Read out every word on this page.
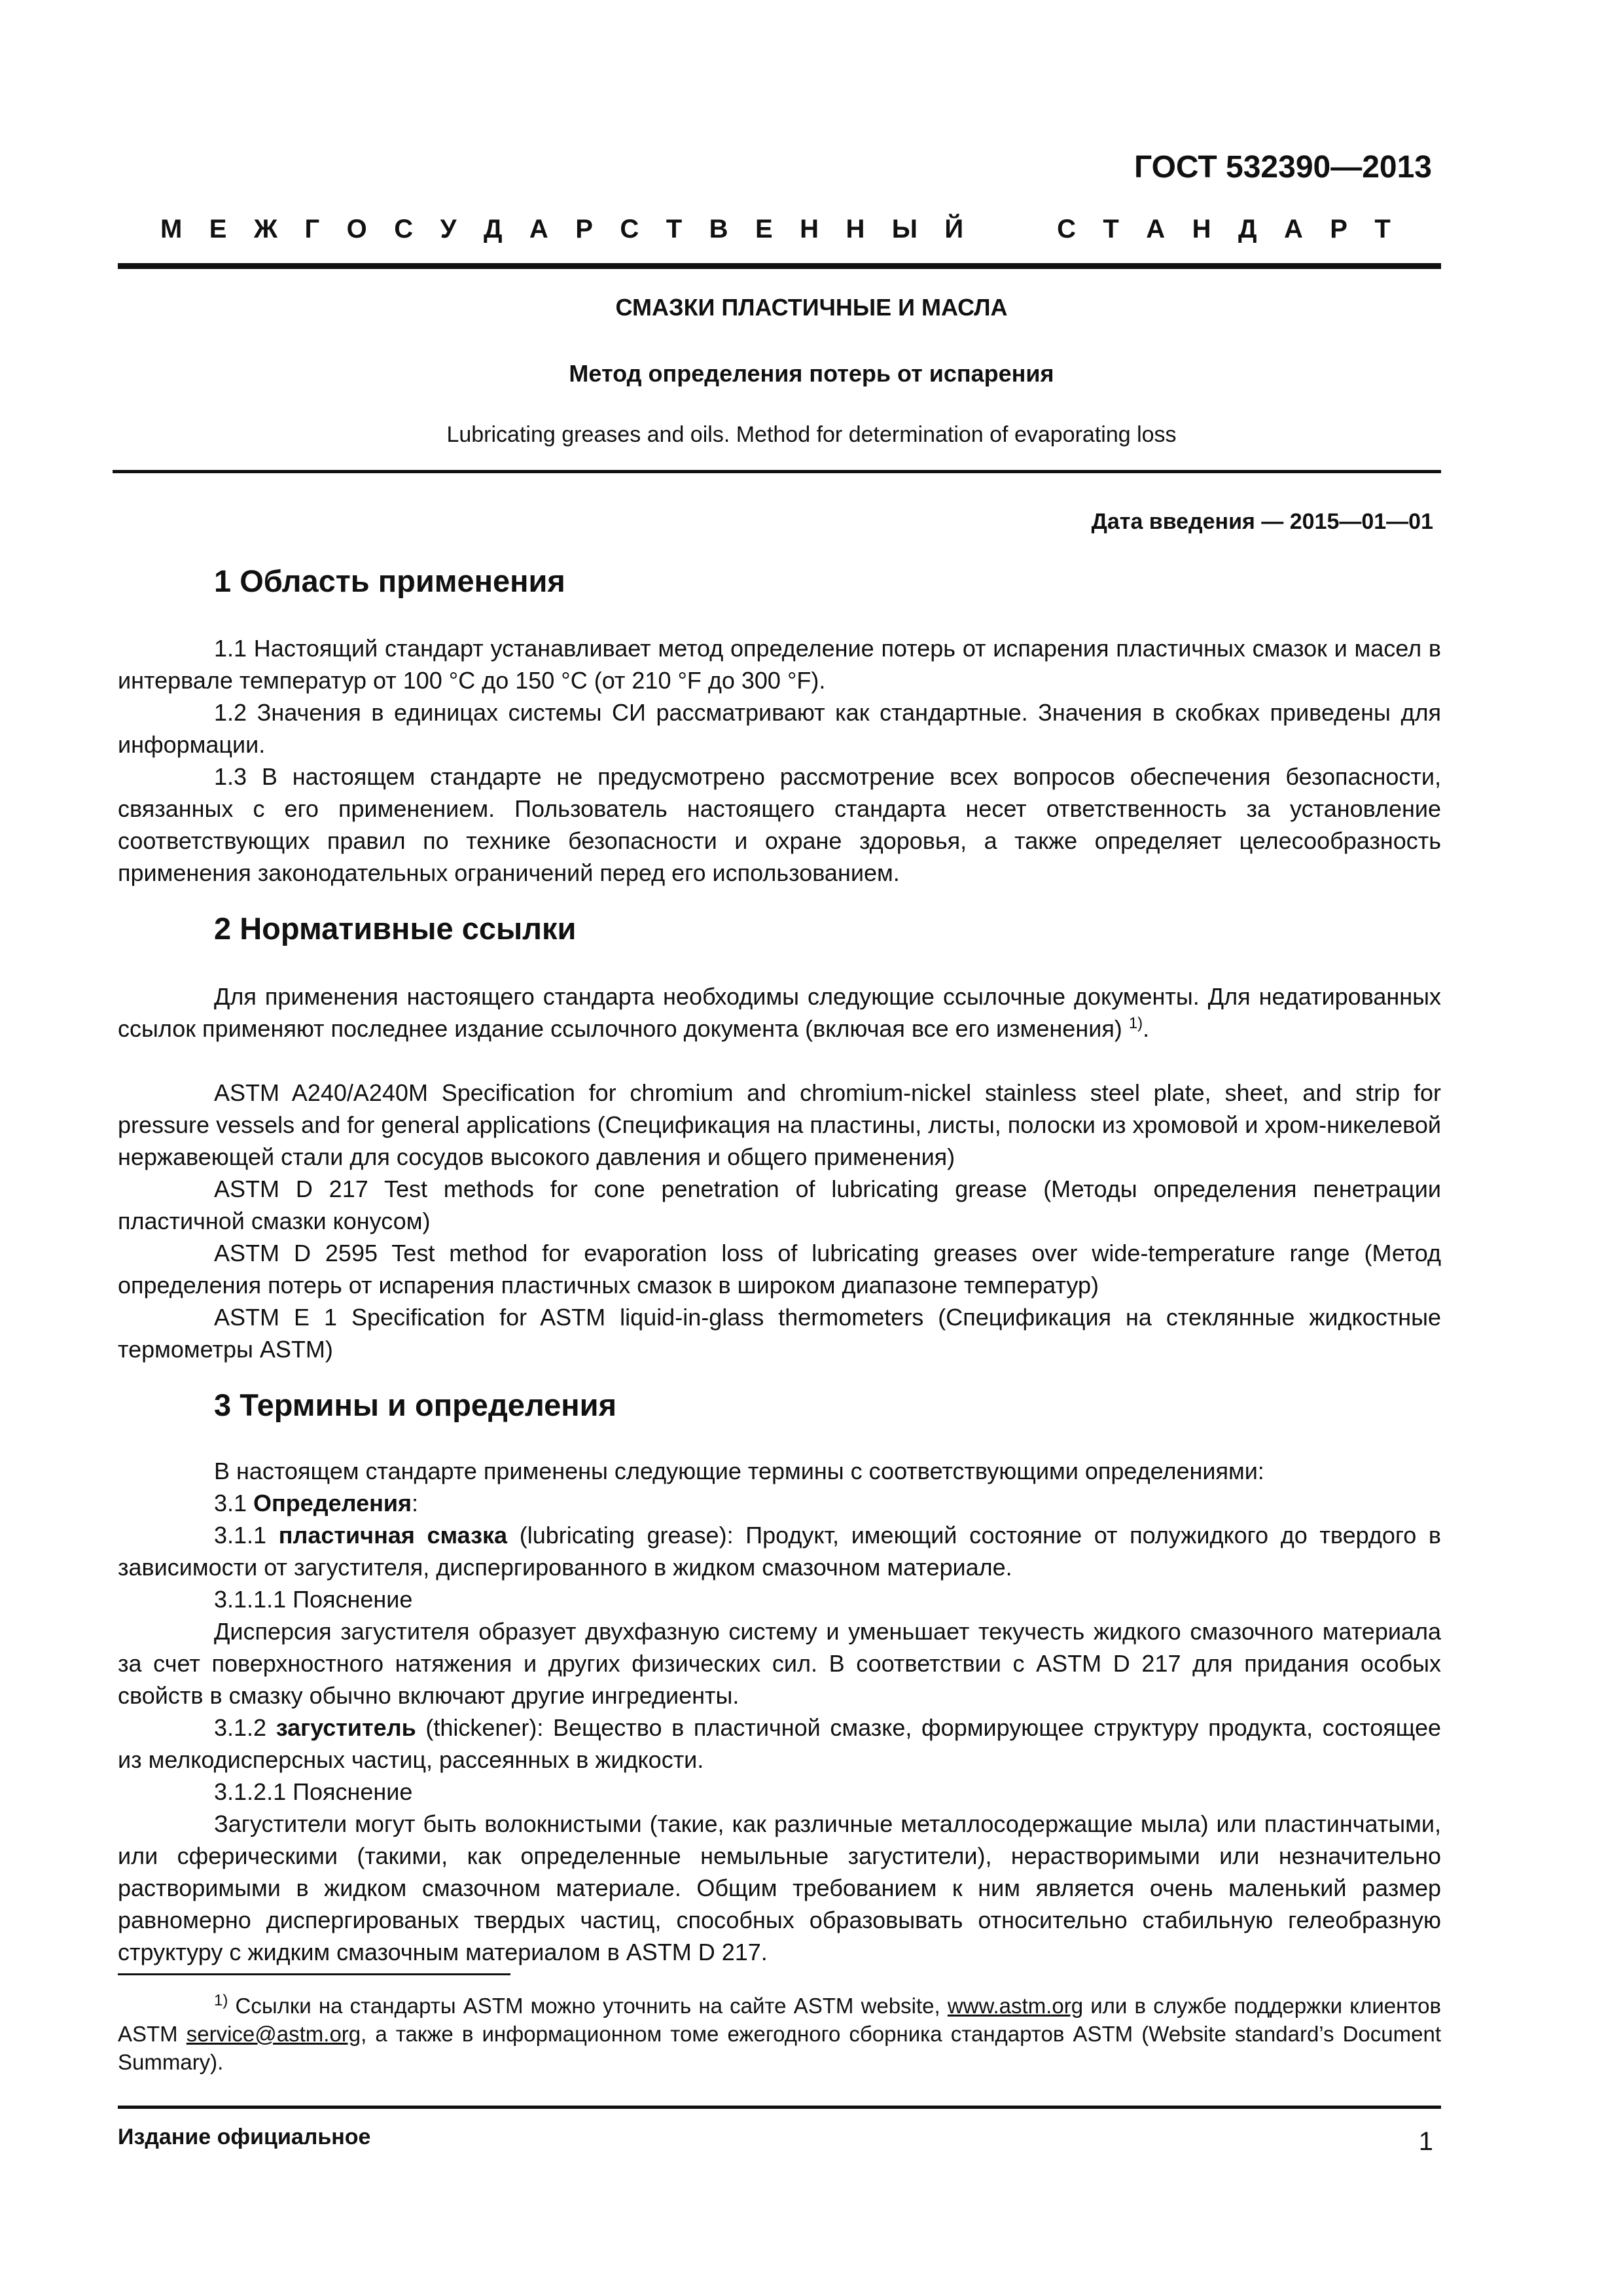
ГОСТ 532390—2013
М Е Ж Г О С У Д А Р С Т В Е Н Н Ы Й	С Т А Н Д А Р Т
СМАЗКИ ПЛАСТИЧНЫЕ И МАСЛА
Метод определения потерь от испарения
Lubricating greases and oils. Method for determination of evaporating loss
Дата введения — 2015—01—01
1 Область применения

1.1 Настоящий стандарт устанавливает метод определение потерь от испарения пластичных смазок и масел в интервале температур от 100 °С до 150 °С (от 210 °F до 300 °F).

1.2 Значения в единицах системы СИ рассматривают как стандартные. Значения в скобках приведены для информации.

1.3 В настоящем стандарте не предусмотрено рассмотрение всех вопросов обеспечения безопасности, связанных с его применением. Пользователь настоящего стандарта несет ответственность за установление соответствующих правил по технике безопасности и охране здоровья, а также определяет целесообразность применения законодательных ограничений перед его использованием.

2 Нормативные ссылки

Для применения настоящего стандарта необходимы следующие ссылочные документы. Для недатированных ссылок применяют последнее издание ссылочного документа (включая все его изменения) $^{1)}$.

ASTM A240/A240M Specification for chromium and chromium-nickel stainless steel plate, sheet, and strip for pressure vessels and for general applications (Спецификация на пластины, листы, полоски из хромовой и хром-никелевой нержавеющей стали для сосудов высокого давления и общего применения)

ASTM D 217 Test methods for cone penetration of lubricating grease (Методы определения пенетрации пластичной смазки конусом)

ASTM D 2595 Test method for evaporation loss of lubricating greases over wide-temperature range (Метод определения потерь от испарения пластичных смазок в широком диапазоне температур)

ASTM E 1 Specification for ASTM liquid-in-glass thermometers (Спецификация на стеклянные жидкостные термометры ASTM)

3 Термины и определения

В настоящем стандарте применены следующие термины с соответствующими определениями:

3.1 Определения:

3.1.1 пластичная смазка (lubricating grease): Продукт, имеющий состояние от полужидкого до твердого в зависимости от загустителя, диспергированного в жидком смазочном материале.

3.1.1.1 Пояснение

Дисперсия загустителя образует двухфазную систему и уменьшает текучесть жидкого смазочного материала за счет поверхностного натяжения и других физических сил. В соответствии с ASTM D 217 для придания особых свойств в смазку обычно включают другие ингредиенты.

3.1.2 загуститель (thickener): Вещество в пластичной смазке, формирующее структуру продукта, состоящее из мелкодисперсных частиц, рассеянных в жидкости.

3.1.2.1 Пояснение

Загустители могут быть волокнистыми (такие, как различные металлосодержащие мыла) или пластинчатыми, или сферическими (такими, как определенные немыльные загустители), нерастворимыми или незначительно растворимыми в жидком смазочном материале. Общим требованием к ним является очень маленький размер равномерно диспергированых твердых частиц, способных образовывать относительно стабильную гелеобразную структуру с жидким смазочным материалом в ASTM D 217.

$^{1)}$ Ссылки на стандарты ASTM можно уточнить на сайте ASTM website, www.astm.org или в службе поддержки клиентов ASTM service@astm.org, а также в информационном томе ежегодного сборника стандартов ASTM (Website standard’s Document Summary).

Издание официальное	1
